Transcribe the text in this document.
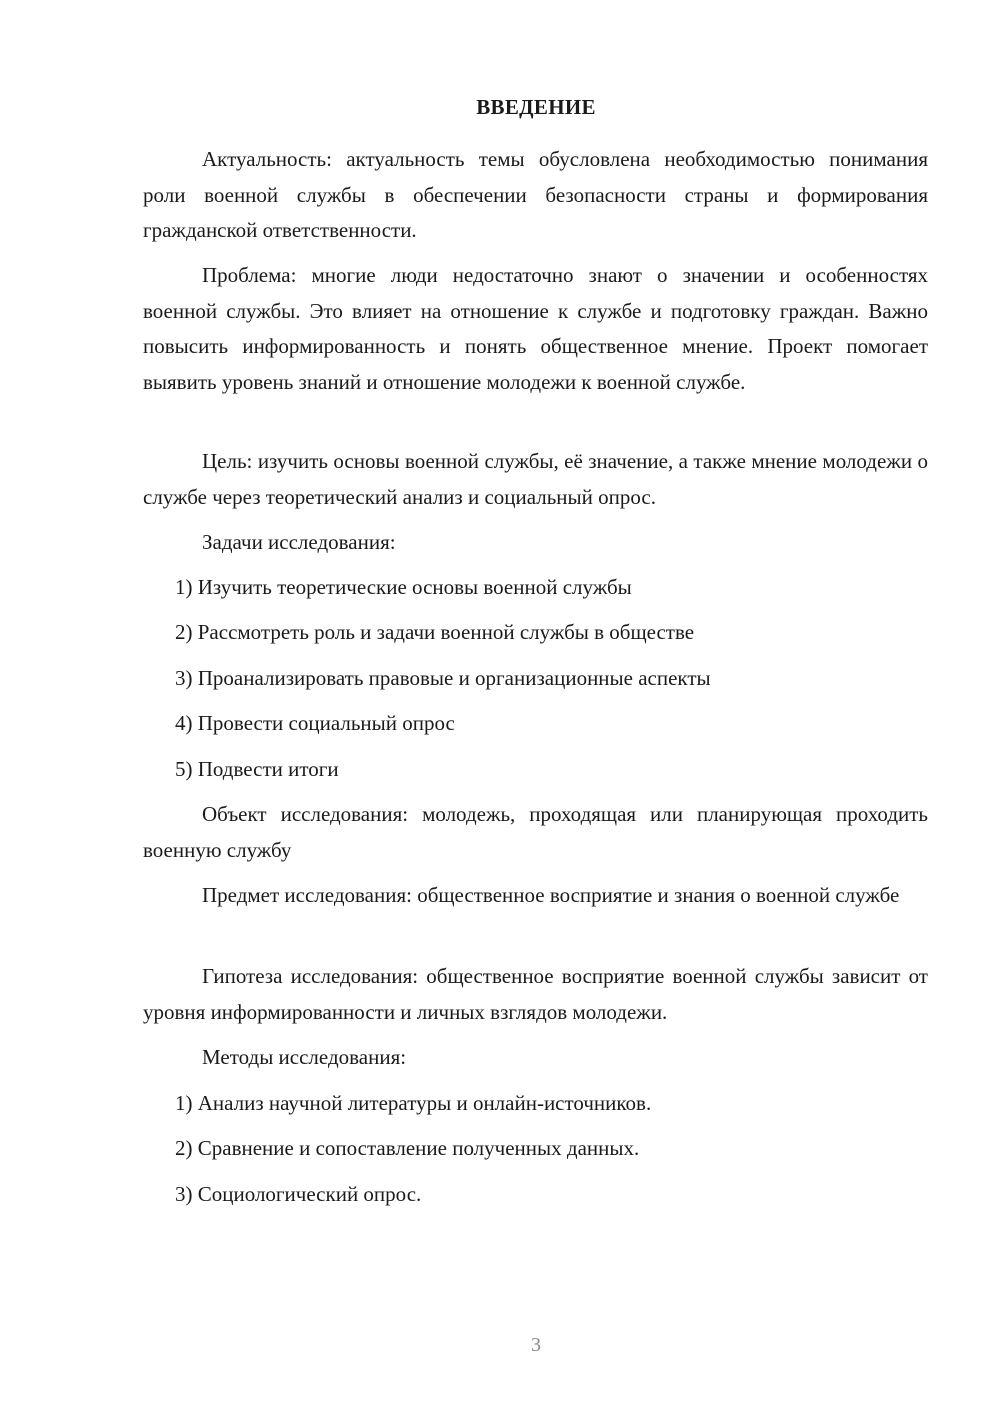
ВВЕДЕНИЕ

Актуальность: актуальность темы обусловлена необходимостью понимания роли военной службы в обеспечении безопасности страны и формирования гражданской ответственности.

Проблема: многие люди недостаточно знают о значении и особенностях военной службы. Это влияет на отношение к службе и подготовку граждан. Важно повысить информированность и понять общественное мнение. Проект помогает выявить уровень знаний и отношение молодежи к военной службе.

Цель: изучить основы военной службы, её значение, а также мнение молодежи о службе через теоретический анализ и социальный опрос.

Задачи исследования:

1) Изучить теоретические основы военной службы

2) Рассмотреть роль и задачи военной службы в обществе

3) Проанализировать правовые и организационные аспекты

4) Провести социальный опрос

5) Подвести итоги

Объект исследования: молодежь, проходящая или планирующая проходить военную службу

Предмет исследования: общественное восприятие и знания о военной службе

Гипотеза исследования: общественное восприятие военной службы зависит от уровня информированности и личных взглядов молодежи.

Методы исследования:

1) Анализ научной литературы и онлайн-источников.

2) Сравнение и сопоставление полученных данных.

3) Социологический опрос.

3
